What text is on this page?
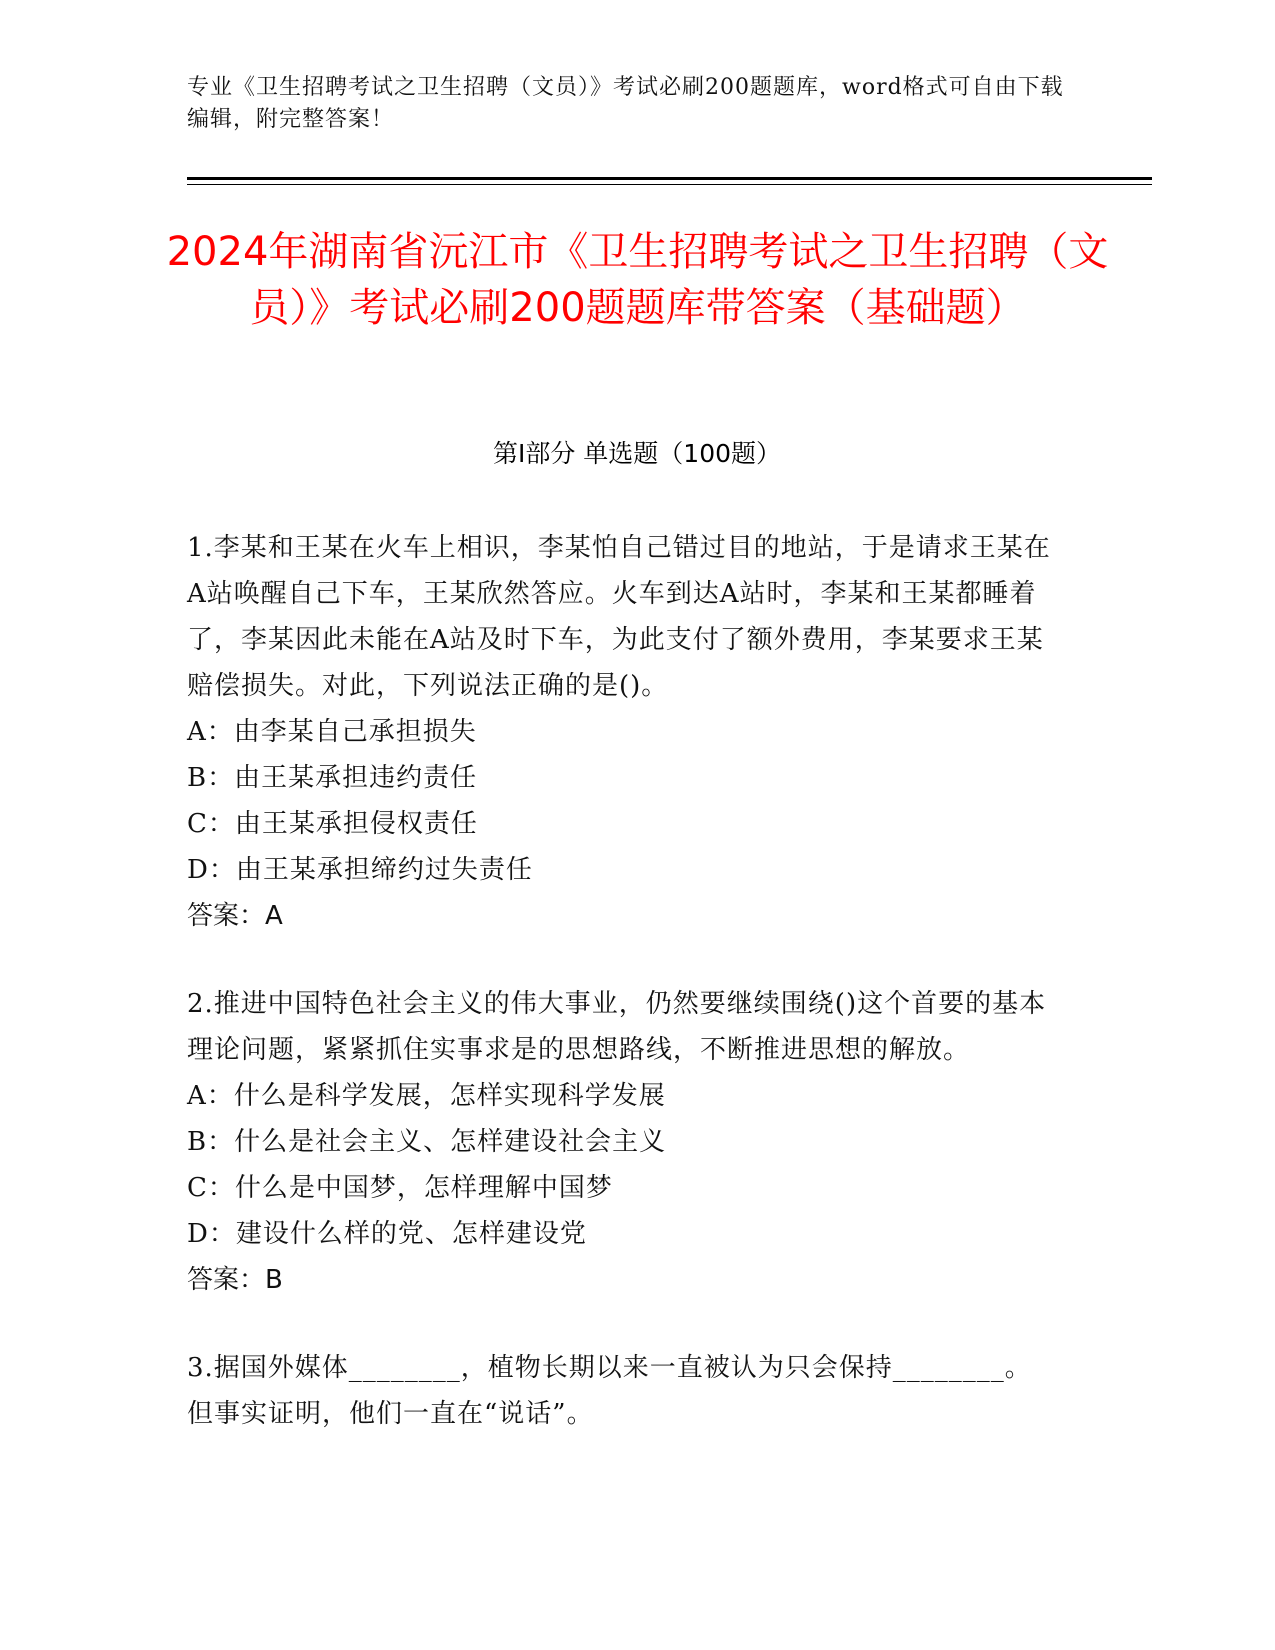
专业《卫生招聘考试之卫生招聘（文员）》考试必刷200题题库，word格式可自由下载编辑，附完整答案！
2024年湖南省沅江市《卫生招聘考试之卫生招聘（文员）》考试必刷200题题库带答案（基础题）
第I部分 单选题（100题）

1.李某和王某在火车上相识，李某怕自己错过目的地站，于是请求王某在A站唤醒自己下车，王某欣然答应。火车到达A站时，李某和王某都睡着了，李某因此未能在A站及时下车，为此支付了额外费用，李某要求王某赔偿损失。对此，下列说法正确的是()。

A：由李某自己承担损失

B：由王某承担违约责任

C：由王某承担侵权责任

D：由王某承担缔约过失责任

答案：A

2.推进中国特色社会主义的伟大事业，仍然要继续围绕()这个首要的基本理论问题，紧紧抓住实事求是的思想路线，不断推进思想的解放。

A：什么是科学发展，怎样实现科学发展

B：什么是社会主义、怎样建设社会主义

C：什么是中国梦，怎样理解中国梦

D：建设什么样的党、怎样建设党

答案：B

3.据国外媒体________，植物长期以来一直被认为只会保持________。但事实证明，他们一直在“说话”。
